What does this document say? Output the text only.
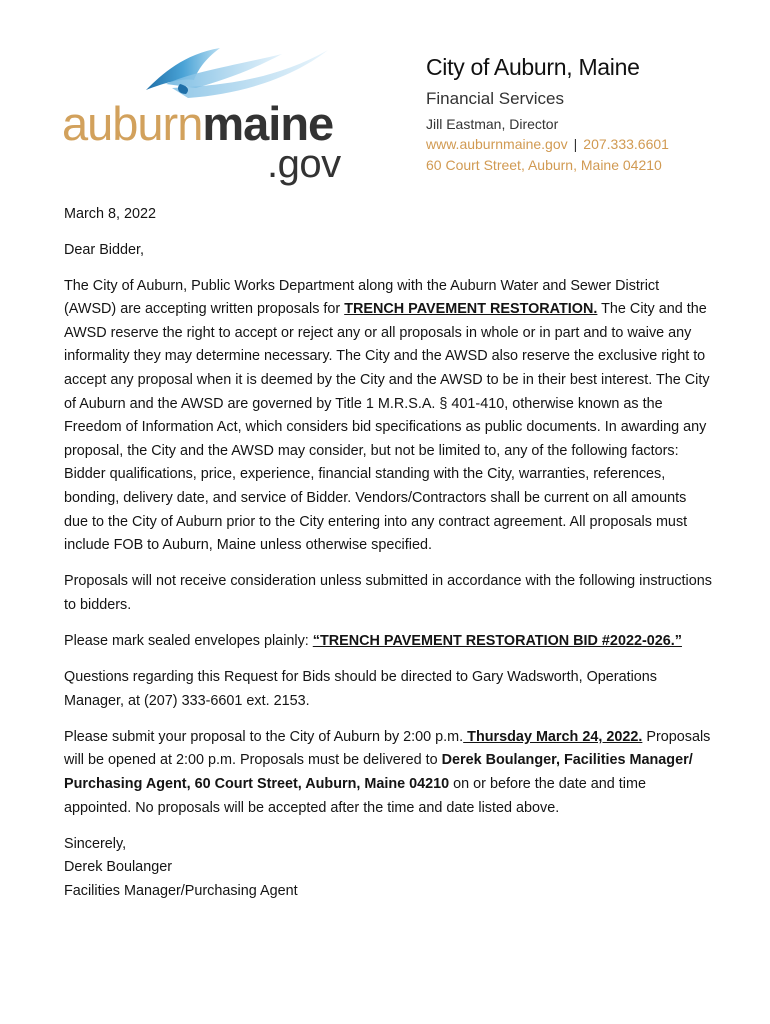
auburnmaine
.gov
City of Auburn, Maine
Financial Services
Jill Eastman, Director
www.auburnmaine.gov | 207.333.6601
60 Court Street, Auburn, Maine 04210

March 8, 2022

Dear Bidder,

The City of Auburn, Public Works Department along with the Auburn Water and Sewer District (AWSD) are accepting written proposals for TRENCH PAVEMENT RESTORATION. The City and the AWSD reserve the right to accept or reject any or all proposals in whole or in part and to waive any informality they may determine necessary. The City and the AWSD also reserve the exclusive right to accept any proposal when it is deemed by the City and the AWSD to be in their best interest. The City of Auburn and the AWSD are governed by Title 1 M.R.S.A. § 401-410, otherwise known as the Freedom of Information Act, which considers bid specifications as public documents. In awarding any proposal, the City and the AWSD may consider, but not be limited to, any of the following factors: Bidder qualifications, price, experience, financial standing with the City, warranties, references, bonding, delivery date, and service of Bidder. Vendors/Contractors shall be current on all amounts due to the City of Auburn prior to the City entering into any contract agreement. All proposals must include FOB to Auburn, Maine unless otherwise specified.

Proposals will not receive consideration unless submitted in accordance with the following instructions to bidders.

Please mark sealed envelopes plainly: “TRENCH PAVEMENT RESTORATION BID #2022-026.”

Questions regarding this Request for Bids should be directed to Gary Wadsworth, Operations Manager, at (207) 333-6601 ext. 2153.

Please submit your proposal to the City of Auburn by 2:00 p.m. Thursday March 24, 2022. Proposals will be opened at 2:00 p.m. Proposals must be delivered to Derek Boulanger, Facilities Manager/ Purchasing Agent, 60 Court Street, Auburn, Maine 04210 on or before the date and time appointed. No proposals will be accepted after the time and date listed above.

Sincerely,
Derek Boulanger
Facilities Manager/Purchasing Agent
